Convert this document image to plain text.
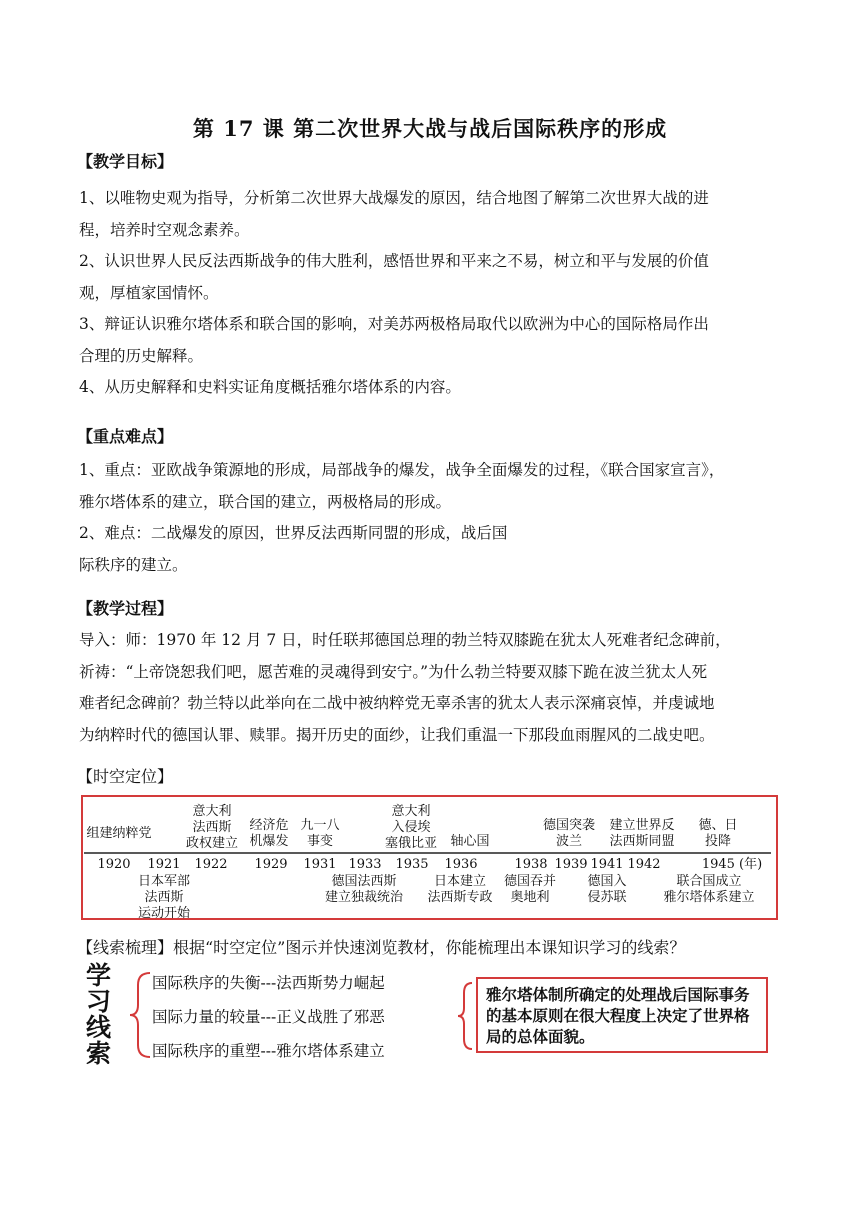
第 17 课 第二次世界大战与战后国际秩序的形成
【教学目标】
1、以唯物史观为指导，分析第二次世界大战爆发的原因，结合地图了解第二次世界大战的进
程，培养时空观念素养。
2、认识世界人民反法西斯战争的伟大胜利，感悟世界和平来之不易，树立和平与发展的价值
观，厚植家国情怀。
3、辩证认识雅尔塔体系和联合国的影响，对美苏两极格局取代以欧洲为中心的国际格局作出
合理的历史解释。
4、从历史解释和史料实证角度概括雅尔塔体系的内容。
【重点难点】
1、重点：亚欧战争策源地的形成，局部战争的爆发，战争全面爆发的过程，《联合国家宣言》，
雅尔塔体系的建立，联合国的建立，两极格局的形成。
2、难点：二战爆发的原因，世界反法西斯同盟的形成，战后国
际秩序的建立。
【教学过程】
导入：师：1970 年 12 月 7 日，时任联邦德国总理的勃兰特双膝跪在犹太人死难者纪念碑前，
祈祷：“上帝饶恕我们吧，愿苦难的灵魂得到安宁。”为什么勃兰特要双膝下跪在波兰犹太人死
难者纪念碑前？勃兰特以此举向在二战中被纳粹党无辜杀害的犹太人表示深痛哀悼，并虔诚地
为纳粹时代的德国认罪、赎罪。揭开历史的面纱，让我们重温一下那段血雨腥风的二战史吧。
【时空定位】
组建纳粹党
意大利
法西斯
政权建立
经济危
机爆发
九一八
事变
意大利
入侵埃
塞俄比亚 轴心国
德国突袭
波兰
建立世界反
法西斯同盟
德、日
投降
1920 1921 1922 1929 1931 1933 1935 1936	1938 1939 1941 1942	1945 (年)
日本军部
法西斯
运动开始
德国法西斯
建立独裁统治
日本建立
法西斯专政
德国吞并
奥地利
德国入
侵苏联
联合国成立
雅尔塔体系建立
【线索梳理】根据“时空定位”图示并快速浏览教材，你能梳理出本课知识学习的线索？
学
习
线
索
国际秩序的失衡---法西斯势力崛起
国际力量的较量---正义战胜了邪恶
国际秩序的重塑---雅尔塔体系建立
雅尔塔体制所确定的处理战后国际事务的基本原则在很大程度上决定了世界格局的总体面貌。
